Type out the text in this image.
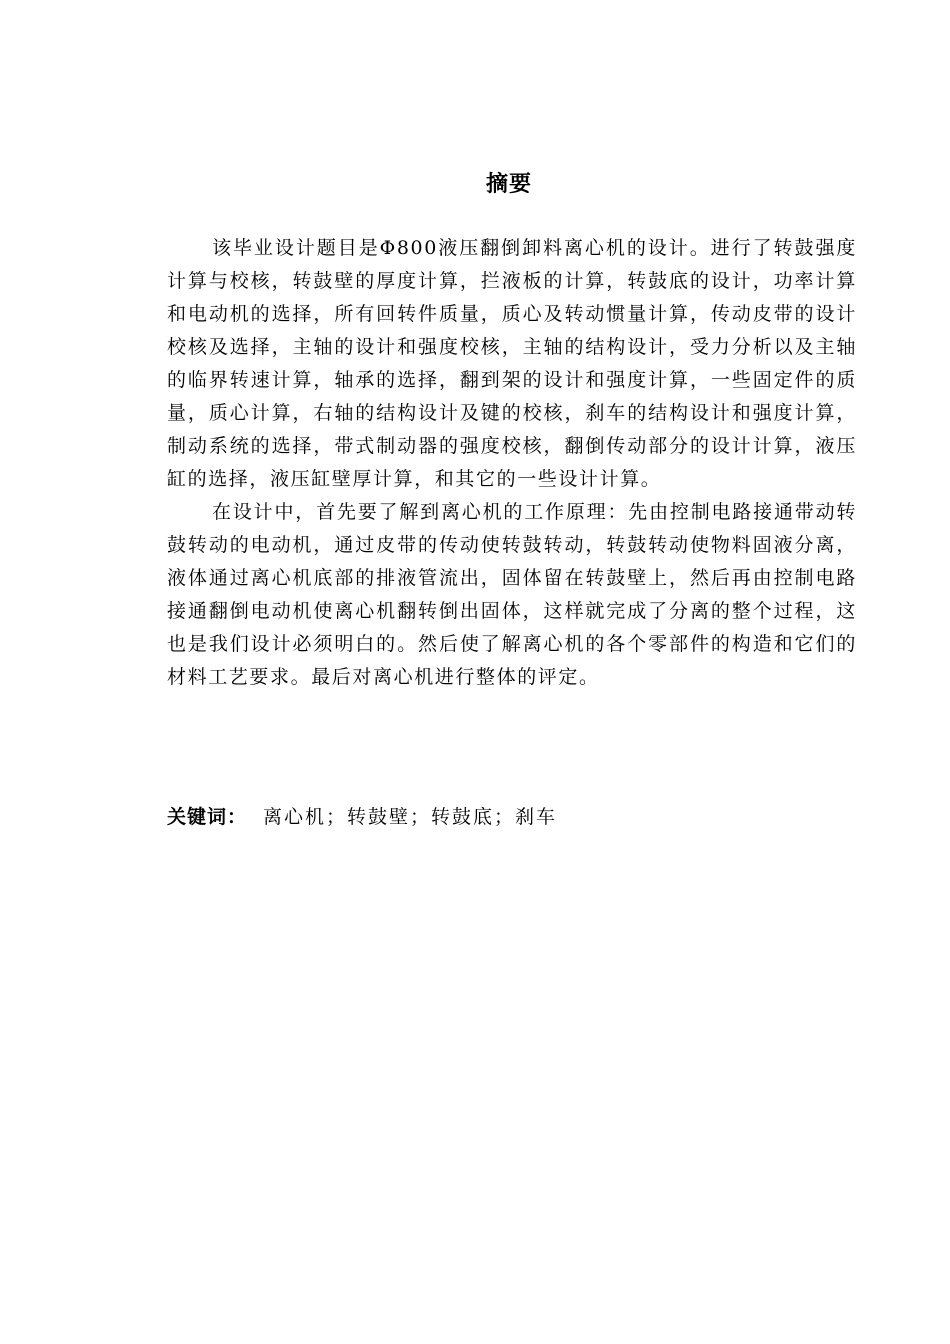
摘要

该毕业设计题目是Φ800液压翻倒卸料离心机的设计。进行了转鼓强度计算与校核，转鼓壁的厚度计算，拦液板的计算，转鼓底的设计，功率计算和电动机的选择，所有回转件质量，质心及转动惯量计算，传动皮带的设计校核及选择，主轴的设计和强度校核，主轴的结构设计，受力分析以及主轴的临界转速计算，轴承的选择，翻到架的设计和强度计算，一些固定件的质量，质心计算，右轴的结构设计及键的校核，刹车的结构设计和强度计算，制动系统的选择，带式制动器的强度校核，翻倒传动部分的设计计算，液压缸的选择，液压缸壁厚计算，和其它的一些设计计算。

在设计中，首先要了解到离心机的工作原理：先由控制电路接通带动转鼓转动的电动机，通过皮带的传动使转鼓转动，转鼓转动使物料固液分离，液体通过离心机底部的排液管流出，固体留在转鼓壁上，然后再由控制电路接通翻倒电动机使离心机翻转倒出固体，这样就完成了分离的整个过程，这也是我们设计必须明白的。然后使了解离心机的各个零部件的构造和它们的材料工艺要求。最后对离心机进行整体的评定。

关键词： 离心机；转鼓壁；转鼓底；刹车
